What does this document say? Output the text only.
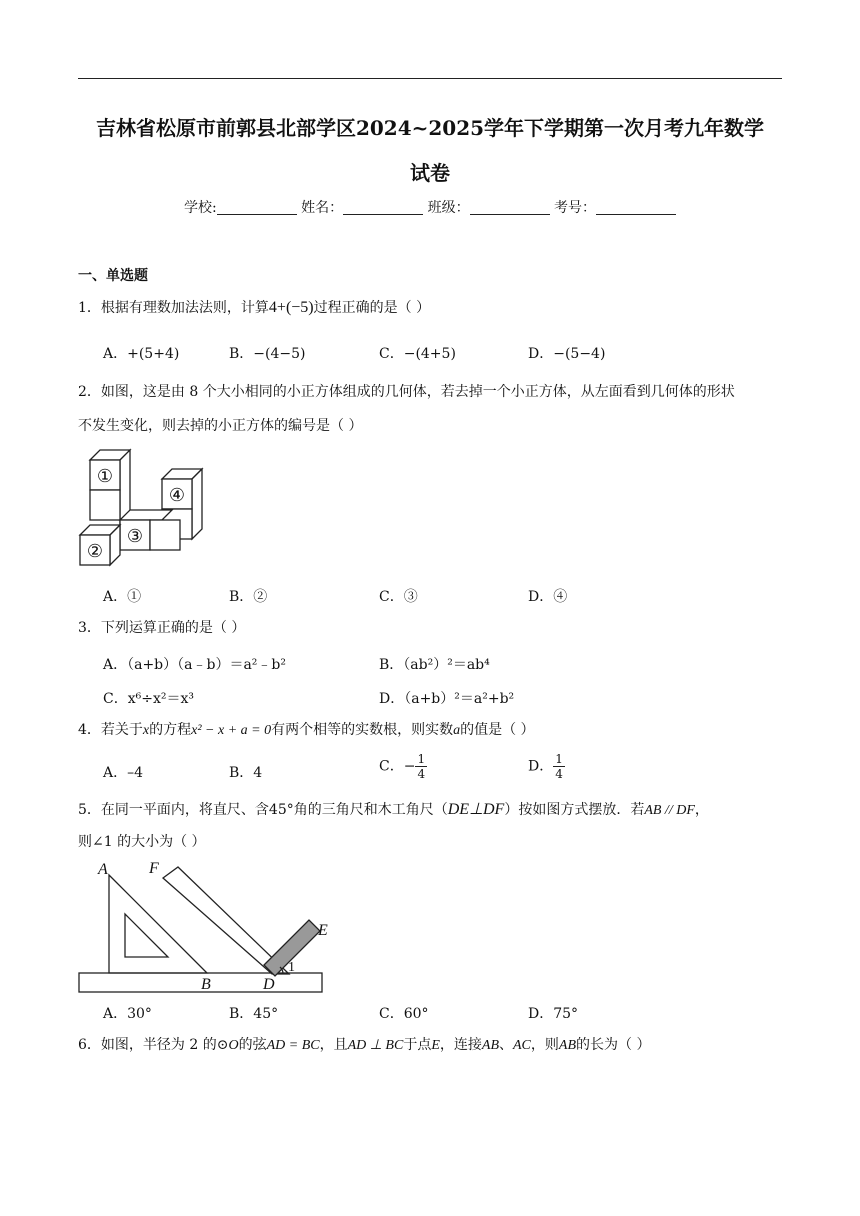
吉林省松原市前郭县北部学区2024~2025学年下学期第一次月考九年数学
试卷
学校:	姓名：	班级：	考号：
一、单选题
1．根据有理数加法法则，计算4+(−5)过程正确的是（ ）
A．+(5+4)	B．−(4−5)	C．−(4+5)	D．−(5−4)
2．如图，这是由 8 个大小相同的小正方体组成的几何体，若去掉一个小正方体，从左面看到几何体的形状
不发生变化，则去掉的小正方体的编号是（ ）
①
④
③
②
A．①	B．②	C．③	D．④
3．下列运算正确的是（ ）
A．（a+b）（a﹣b）＝a²﹣b²	B．（ab²）²＝ab⁴
C．x⁶÷x²＝x³	D．（a+b）²＝a²+b²
4．若关于x的方程x² − x + a = 0有两个相等的实数根，则实数a的值是（ ）
A．–4	B．4	C．− $\frac{1}{4}$	D． $\frac{1}{4}$
5．在同一平面内，将直尺、含45°角的三角尺和木工角尺（DE⊥DF）按如图方式摆放．若AB // DF，
则∠1 的大小为（ ）
A	F
E
B	D
1
A．30°	B．45°	C．60°	D．75°
6．如图，半径为 2 的⊙O的弦AD = BC，且AD ⊥ BC于点E，连接AB、AC，则AB的长为（ ）
